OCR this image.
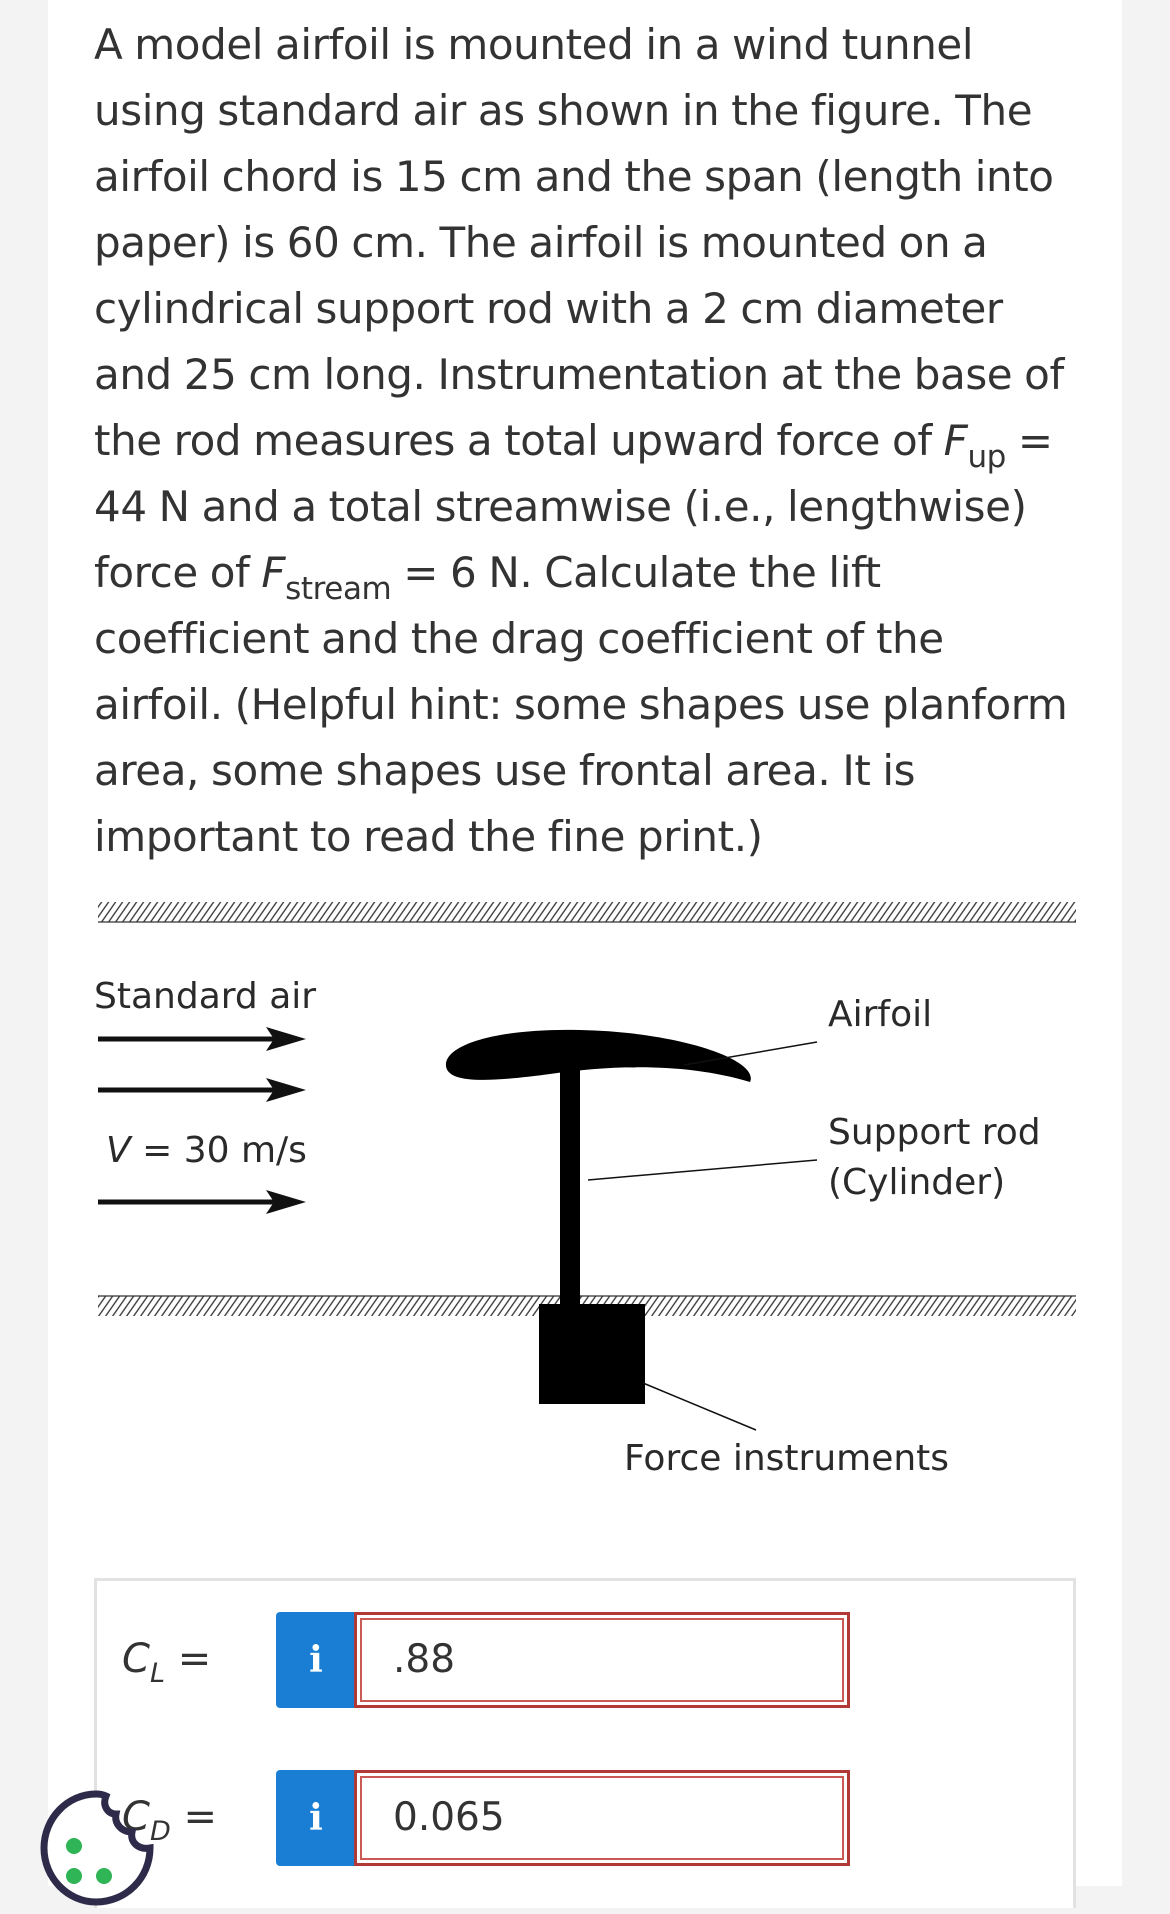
A model airfoil is mounted in a wind tunnel using standard air as shown in the figure. The airfoil chord is 15 cm and the span (length into paper) is 60 cm. The airfoil is mounted on a cylindrical support rod with a 2 cm diameter and 25 cm long. Instrumentation at the base of the rod measures a total upward force of $F_{up} = 44$ N and a total streamwise (i.e., lengthwise) force of $F_{stream} = 6$ N. Calculate the lift coefficient and the drag coefficient of the airfoil. (Helpful hint: some shapes use planform area, some shapes use frontal area. It is important to read the fine print.)
Standard air
V = 30 m/s
Airfoil
Support rod
(Cylinder)
Force instruments
$C_L$ =	i	.88
$C_D$ =	i	0.065
